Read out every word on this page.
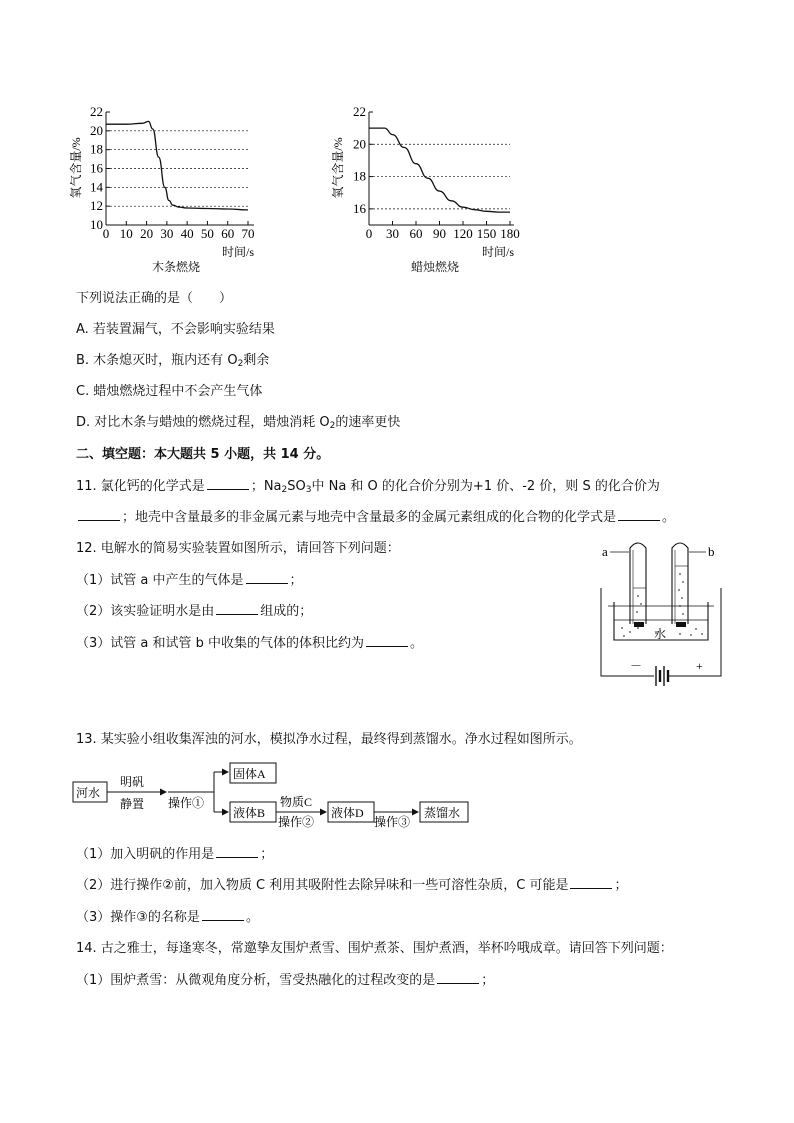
10
12
14
16
18
20
22
0 10 20 30 40 50 60 70
氧气含量/%
时间/s
木条燃烧
16
18
20
22
0 30 60 90 120 150 180
氧气含量/%
时间/s
蜡烛燃烧
下列说法正确的是（　　）
A. 若装置漏气，不会影响实验结果
B. 木条熄灭时，瓶内还有 $O_2$剩余
C. 蜡烛燃烧过程中不会产生气体
D. 对比木条与蜡烛的燃烧过程，蜡烛消耗 $O_2$的速率更快
二、填空题：本大题共 5 小题，共 14 分。
11. 氯化钙的化学式是	；$Na_2SO_3$中 Na 和 O 的化合价分别为+1 价、-2 价，则 S 的化合价为
；地壳中含量最多的非金属元素与地壳中含量最多的金属元素组成的化合物的化学式是	。
12. 电解水的简易实验装置如图所示，请回答下列问题：
（1）试管 a 中产生的气体是	；
（2）该实验证明水是由	组成的；
（3）试管 a 和试管 b 中收集的气体的体积比约为	。
a	b
水
－	+
13. 某实验小组收集浑浊的河水，模拟净水过程，最终得到蒸馏水。净水过程如图所示。
河水
明矾
静置 操作①
固体A
液体B
物质C
操作②
液体D
操作③
蒸馏水
（1）加入明矾的作用是	；
（2）进行操作②前，加入物质 C 利用其吸附性去除异味和一些可溶性杂质，C 可能是	；
（3）操作③的名称是	。
14. 古之雅士，每逢寒冬，常邀挚友围炉煮雪、围炉煮茶、围炉煮酒，举杯吟哦成章。请回答下列问题：
（1）围炉煮雪：从微观角度分析，雪受热融化的过程改变的是	；
